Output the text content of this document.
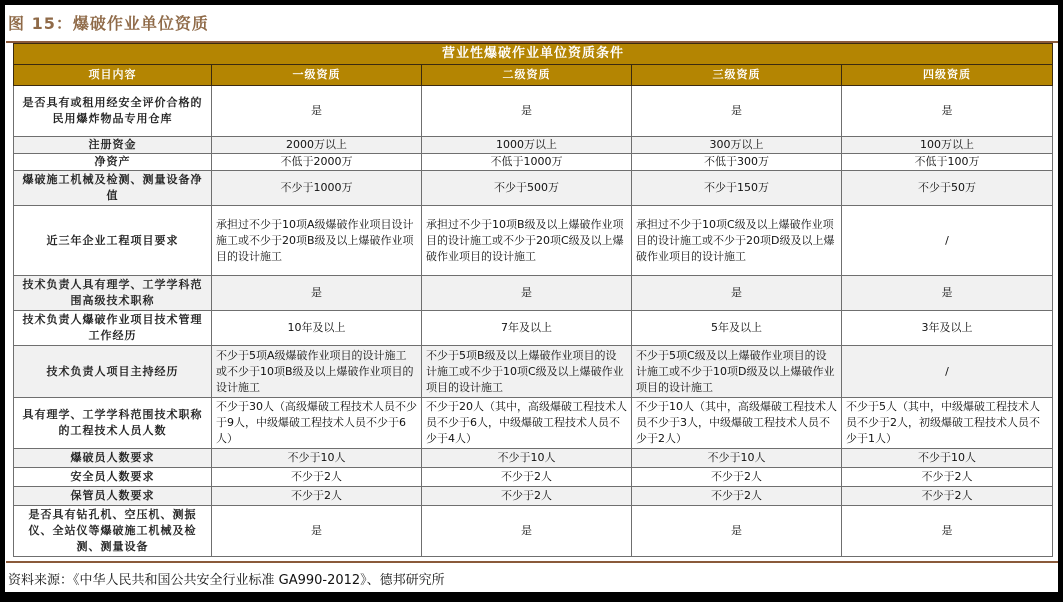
图 15：爆破作业单位资质
营业性爆破作业单位资质条件				
项目内容	一级资质	二级资质	三级资质	四级资质
是否具有或租用经安全评价合格的民用爆炸物品专用仓库	是	是	是	是
注册资金	2000万以上	1000万以上	300万以上	100万以上
净资产	不低于2000万	不低于1000万	不低于300万	不低于100万
爆破施工机械及检测、测量设备净值	不少于1000万	不少于500万	不少于150万	不少于50万
近三年企业工程项目要求	承担过不少于10项A级爆破作业项目设计施工或不少于20项B级及以上爆破作业项目的设计施工	承担过不少于10项B级及以上爆破作业项目的设计施工或不少于20项C级及以上爆破作业项目的设计施工	承担过不少于10项C级及以上爆破作业项目的设计施工或不少于20项D级及以上爆破作业项目的设计施工	/
技术负责人具有理学、工学学科范围高级技术职称	是	是	是	是
技术负责人爆破作业项目技术管理工作经历	10年及以上	7年及以上	5年及以上	3年及以上
技术负责人项目主持经历	不少于5项A级爆破作业项目的设计施工或不少于10项B级及以上爆破作业项目的设计施工	不少于5项B级及以上爆破作业项目的设计施工或不少于10项C级及以上爆破作业项目的设计施工	不少于5项C级及以上爆破作业项目的设计施工或不少于10项D级及以上爆破作业项目的设计施工	/
具有理学、工学学科范围技术职称的工程技术人员人数	不少于30人（高级爆破工程技术人员不少于9人，中级爆破工程技术人员不少于6人）	不少于20人（其中，高级爆破工程技术人员不少于6人，中级爆破工程技术人员不少于4人）	不少于10人（其中，高级爆破工程技术人员不少于3人，中级爆破工程技术人员不少于2人）	不少于5人（其中，中级爆破工程技术人员不少于2人，初级爆破工程技术人员不少于1人）
爆破员人数要求	不少于10人	不少于10人	不少于10人	不少于10人
安全员人数要求	不少于2人	不少于2人	不少于2人	不少于2人
保管员人数要求	不少于2人	不少于2人	不少于2人	不少于2人
是否具有钻孔机、空压机、测振仪、全站仪等爆破施工机械及检测、测量设备	是	是	是	是
资料来源：《中华人民共和国公共安全行业标准 GA990-2012》、德邦研究所
